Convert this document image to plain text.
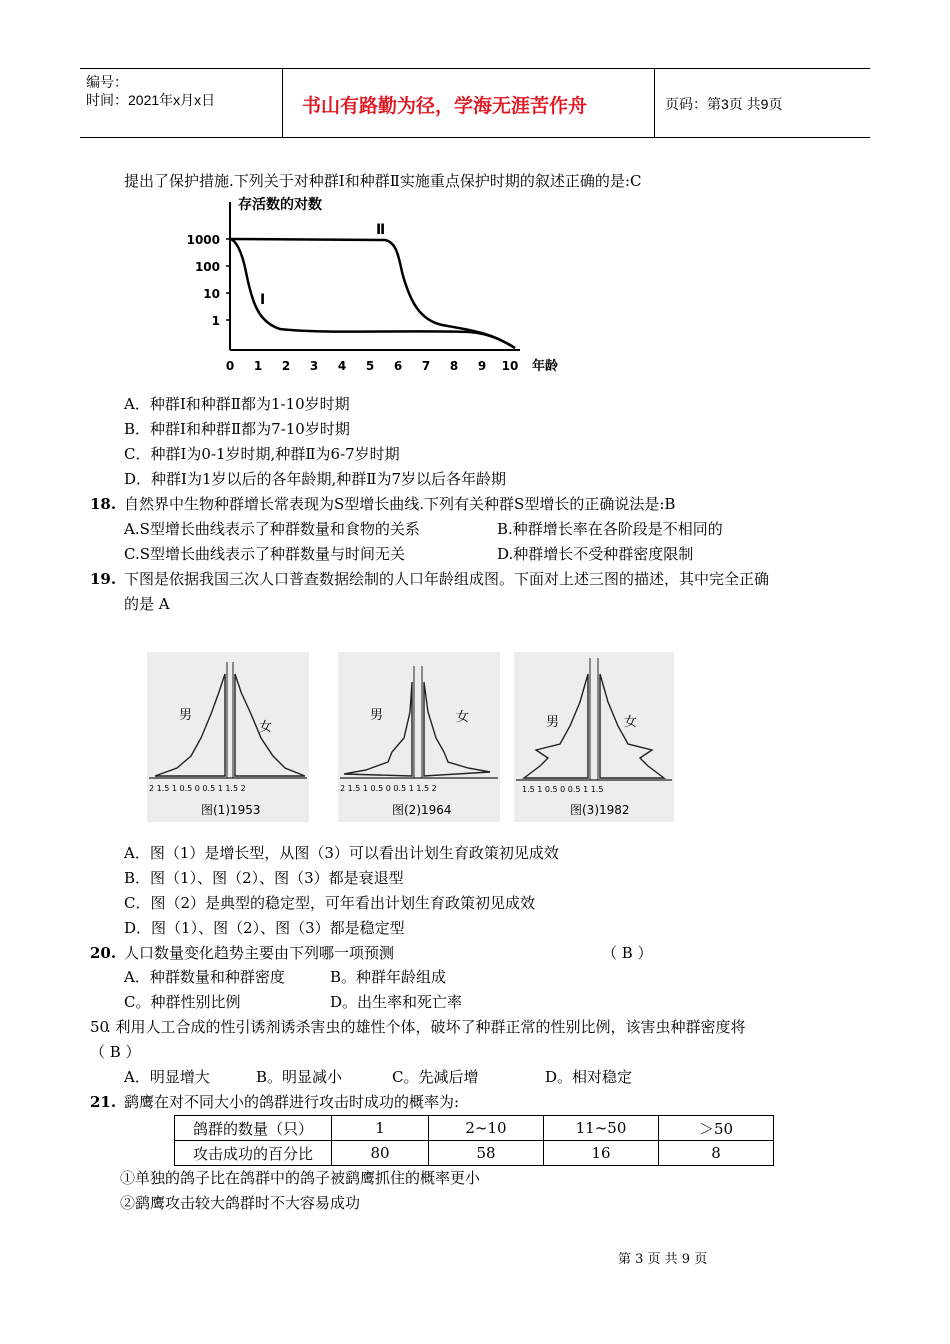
编号：
时间：2021年x月x日	书山有路勤为径，学海无涯苦作舟	页码：第3页 共9页
提出了保护措施.下列关于对种群Ⅰ和种群Ⅱ实施重点保护时期的叙述正确的是:C
存活数的对数
1000
100
10
1
0 1 2 3 4 5 6 7 8 9 10 年龄
Ⅱ
Ⅰ
A．种群Ⅰ和种群Ⅱ都为1-10岁时期
B．种群Ⅰ和种群Ⅱ都为7-10岁时期
C．种群Ⅰ为0-1岁时期,种群Ⅱ为6-7岁时期
D．种群Ⅰ为1岁以后的各年龄期,种群Ⅱ为7岁以后各年龄期
18. 自然界中生物种群增长常表现为S型增长曲线.下列有关种群S型增长的正确说法是:B
A.S型增长曲线表示了种群数量和食物的关系	B.种群增长率在各阶段是不相同的
C.S型增长曲线表示了种群数量与时间无关	D.种群增长不受种群密度限制
19. 下图是依据我国三次人口普查数据绘制的人口年龄组成图。下面对上述三图的描述，其中完全正确
的是 A
男
女
2 1.5 1 0.5 0 0.5 1 1.5 2
图(1)1953
男	女
2 1.5 1 0.5 0 0.5 1 1.5 2
图(2)1964
男	女
1.5 1 0.5 0 0.5 1 1.5
图(3)1982
A．图（1）是增长型，从图（3）可以看出计划生育政策初见成效
B．图（1）、图（2）、图（3）都是衰退型
C．图（2）是典型的稳定型，可年看出计划生育政策初见成效
D．图（1）、图（2）、图（3）都是稳定型
20. 人口数量变化趋势主要由下列哪一项预测	（ B ）
A．种群数量和种群密度	B。种群年龄组成
C。种群性别比例	D。出生率和死亡率
50
. 利用人工合成的性引诱剂诱杀害虫的雄性个体，破坏了种群正常的性别比例，该害虫种群密度将
（ B ）
A．明显增大	B。明显减小	C。先减后增	D。相对稳定
21. 鹞鹰在对不同大小的鸽群进行攻击时成功的概率为:
鸽群的数量（只）	1	2~10	11~50	＞50
攻击成功的百分比	80	58	16	8
①单独的鸽子比在鸽群中的鸽子被鹞鹰抓住的概率更小
②鹞鹰攻击较大鸽群时不大容易成功
第 3 页 共 9 页
